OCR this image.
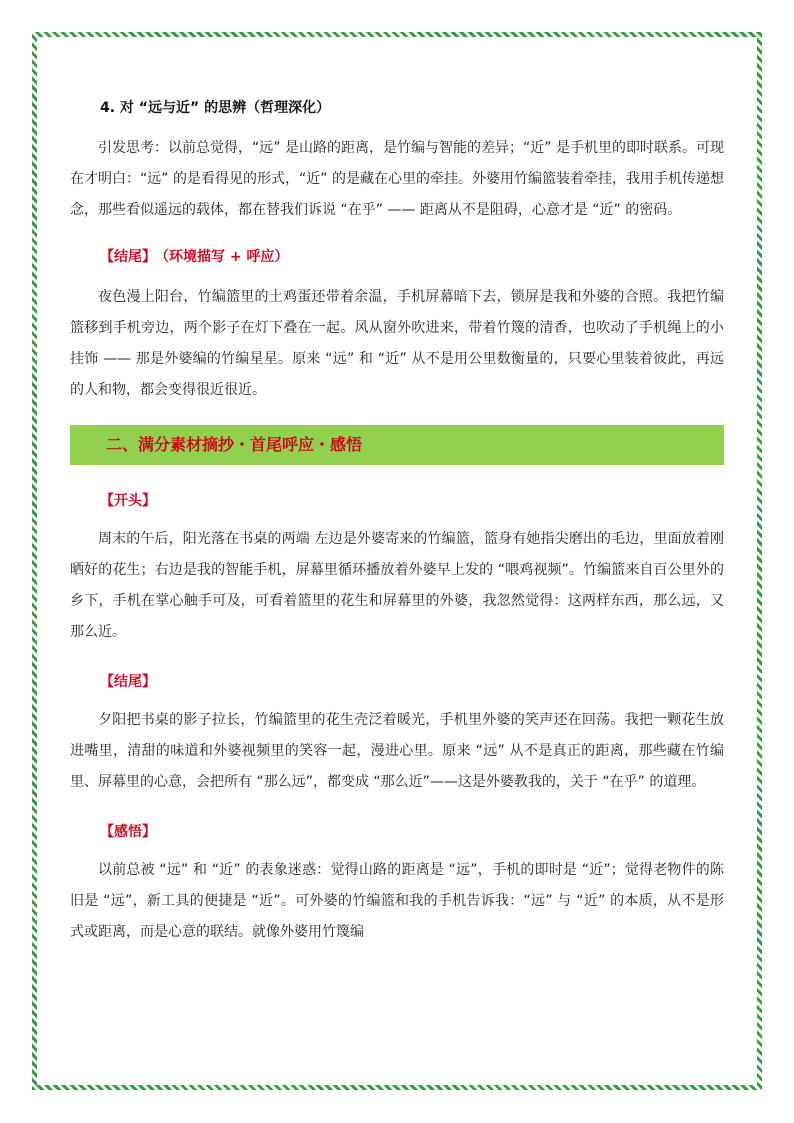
4. 对 “远与近” 的思辨（哲理深化）

引发思考：以前总觉得，“远” 是山路的距离，是竹编与智能的差异；“近” 是手机里的即时联系。可现在才明白：“远” 的是看得见的形式，“近” 的是藏在心里的牵挂。外婆用竹编篮装着牵挂，我用手机传递想念，那些看似遥远的载体，都在替我们诉说 “在乎” —— 距离从不是阻碍，心意才是 “近” 的密码。

【结尾】 （环境描写 + 呼应）

夜色漫上阳台，竹编篮里的土鸡蛋还带着余温，手机屏幕暗下去，锁屏是我和外婆的合照。我把竹编篮移到手机旁边，两个影子在灯下叠在一起。风从窗外吹进来，带着竹篾的清香，也吹动了手机绳上的小挂饰 —— 那是外婆编的竹编星星。原来 “远” 和 “近” 从不是用公里数衡量的，只要心里装着彼此，再远的人和物，都会变得很近很近。

二、满分素材摘抄・首尾呼应・感悟
【开头】

周末的午后，阳光落在书桌的两端 左边是外婆寄来的竹编篮，篮身有她指尖磨出的毛边，里面放着刚晒好的花生；右边是我的智能手机，屏幕里循环播放着外婆早上发的 “喂鸡视频”。竹编篮来自百公里外的乡下，手机在掌心触手可及，可看着篮里的花生和屏幕里的外婆，我忽然觉得：这两样东西，那么远，又那么近。

【结尾】

夕阳把书桌的影子拉长，竹编篮里的花生壳泛着暖光，手机里外婆的笑声还在回荡。我把一颗花生放进嘴里，清甜的味道和外婆视频里的笑容一起，漫进心里。原来 “远” 从不是真正的距离，那些藏在竹编里、屏幕里的心意，会把所有 “那么远”，都变成 “那么近”——这是外婆教我的，关于 “在乎” 的道理。

【感悟】

以前总被 “远” 和 “近” 的表象迷惑：觉得山路的距离是 “远”，手机的即时是 “近”；觉得老物件的陈旧是 “远”，新工具的便捷是 “近”。可外婆的竹编篮和我的手机告诉我：“远” 与 “近” 的本质，从不是形式或距离，而是心意的联结。就像外婆用竹篾编
